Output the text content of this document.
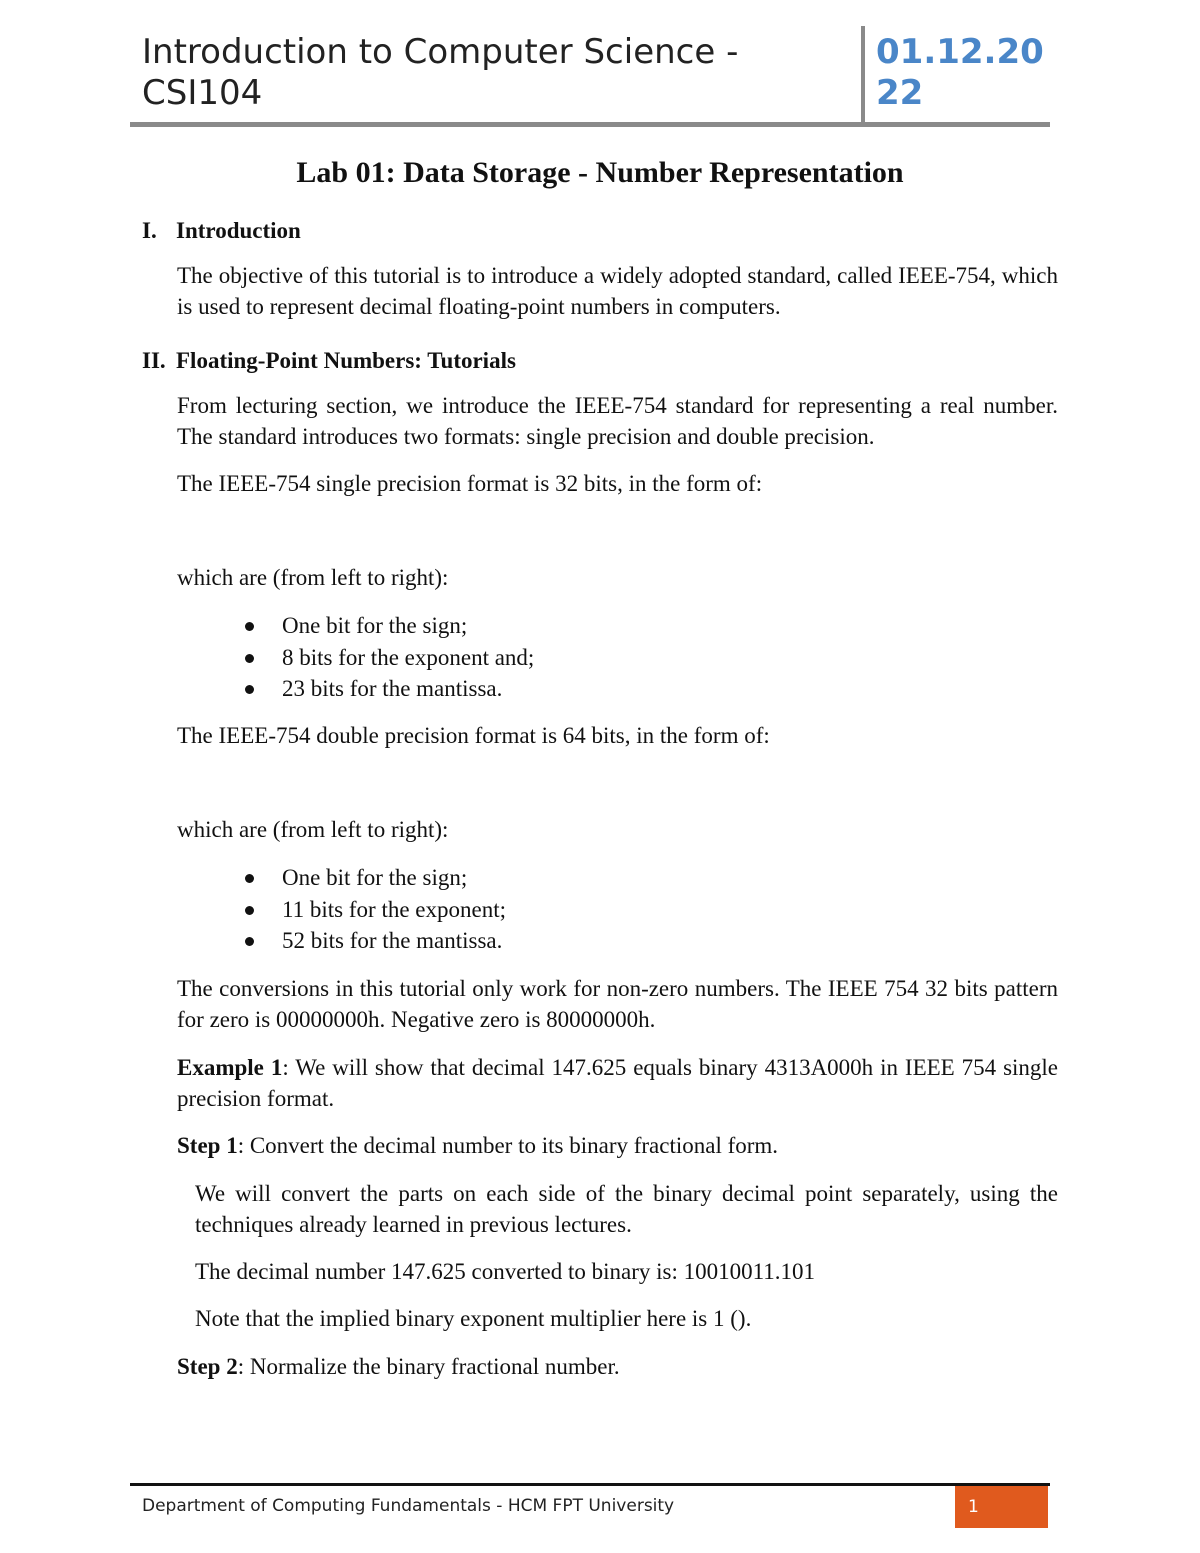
Introduction to Computer Science - CSI104
01.12.2022
Lab 01: Data Storage - Number Representation
I. Introduction
The objective of this tutorial is to introduce a widely adopted standard, called IEEE-754, which is used to represent decimal floating-point numbers in computers.
II. Floating-Point Numbers: Tutorials
From lecturing section, we introduce the IEEE-754 standard for representing a real number. The standard introduces two formats: single precision and double precision.
The IEEE-754 single precision format is 32 bits, in the form of:
which are (from left to right):
One bit for the sign;
8 bits for the exponent and;
23 bits for the mantissa.
The IEEE-754 double precision format is 64 bits, in the form of:
which are (from left to right):
One bit for the sign;
11 bits for the exponent;
52 bits for the mantissa.
The conversions in this tutorial only work for non-zero numbers. The IEEE 754 32 bits pattern for zero is 00000000h. Negative zero is 80000000h.
Example 1: We will show that decimal 147.625 equals binary 4313A000h in IEEE 754 single precision format.
Step 1: Convert the decimal number to its binary fractional form.
We will convert the parts on each side of the binary decimal point separately, using the techniques already learned in previous lectures.
The decimal number 147.625 converted to binary is: 10010011.101
Note that the implied binary exponent multiplier here is 1 ().
Step 2: Normalize the binary fractional number.
Department of Computing Fundamentals - HCM FPT University	1
